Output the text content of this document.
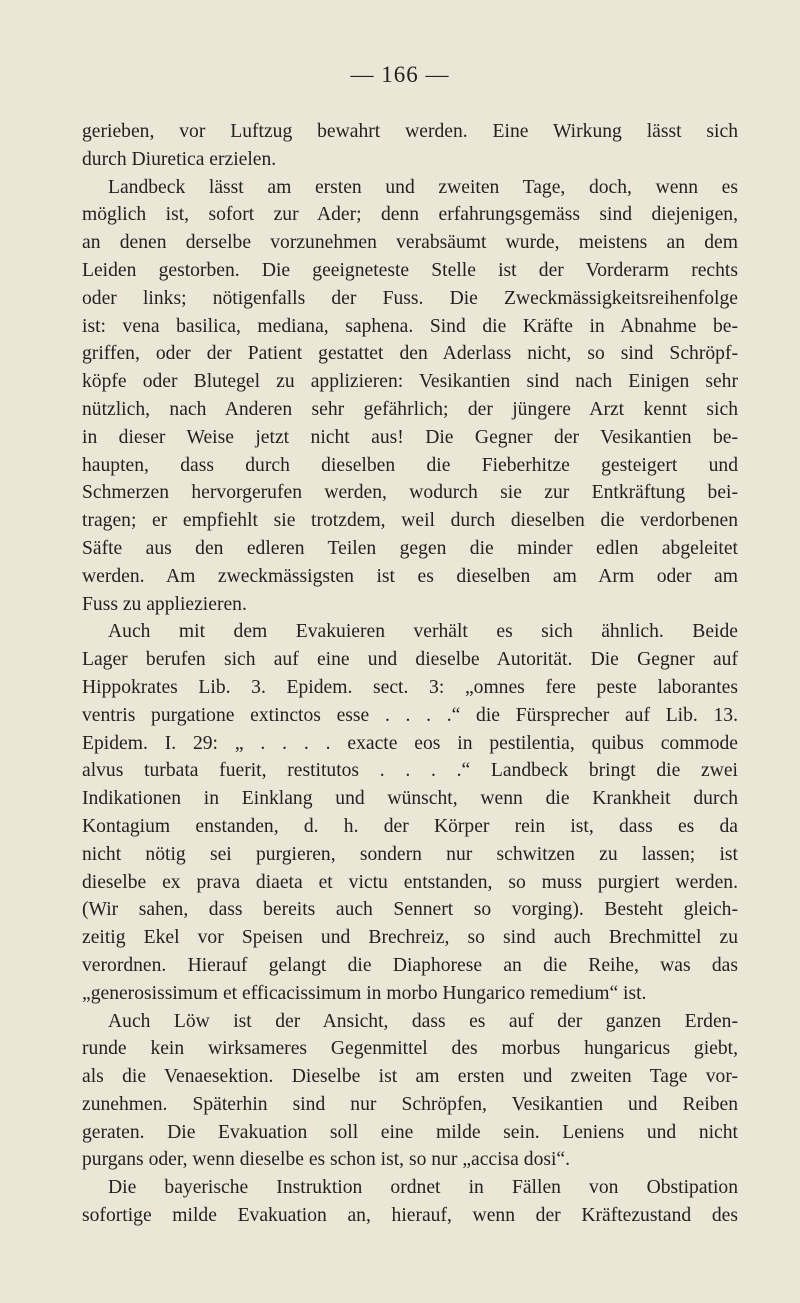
— 166 —
gerieben, vor Luftzug bewahrt werden. Eine Wirkung lässt sich
durch Diuretica erzielen.
Landbeck lässt am ersten und zweiten Tage, doch, wenn es
möglich ist, sofort zur Ader; denn erfahrungsgemäss sind diejenigen,
an denen derselbe vorzunehmen verabsäumt wurde, meistens an dem
Leiden gestorben. Die geeigneteste Stelle ist der Vorderarm rechts
oder links; nötigenfalls der Fuss. Die Zweckmässigkeitsreihenfolge
ist: vena basilica, mediana, saphena. Sind die Kräfte in Abnahme be-
griffen, oder der Patient gestattet den Aderlass nicht, so sind Schröpf-
köpfe oder Blutegel zu applizieren: Vesikantien sind nach Einigen sehr
nützlich, nach Anderen sehr gefährlich; der jüngere Arzt kennt sich
in dieser Weise jetzt nicht aus! Die Gegner der Vesikantien be-
haupten, dass durch dieselben die Fieberhitze gesteigert und
Schmerzen hervorgerufen werden, wodurch sie zur Entkräftung bei-
tragen; er empfiehlt sie trotzdem, weil durch dieselben die verdorbenen
Säfte aus den edleren Teilen gegen die minder edlen abgeleitet
werden. Am zweckmässigsten ist es dieselben am Arm oder am
Fuss zu appliezieren.
Auch mit dem Evakuieren verhält es sich ähnlich. Beide
Lager berufen sich auf eine und dieselbe Autorität. Die Gegner auf
Hippokrates Lib. 3. Epidem. sect. 3: „omnes fere peste laborantes
ventris purgatione extinctos esse . . . .“ die Fürsprecher auf Lib. 13.
Epidem. I. 29: „ . . . . exacte eos in pestilentia, quibus commode
alvus turbata fuerit, restitutos . . . .“ Landbeck bringt die zwei
Indikationen in Einklang und wünscht, wenn die Krankheit durch
Kontagium enstanden, d. h. der Körper rein ist, dass es da
nicht nötig sei purgieren, sondern nur schwitzen zu lassen; ist
dieselbe ex prava diaeta et victu entstanden, so muss purgiert werden.
(Wir sahen, dass bereits auch Sennert so vorging). Besteht gleich-
zeitig Ekel vor Speisen und Brechreiz, so sind auch Brechmittel zu
verordnen. Hierauf gelangt die Diaphorese an die Reihe, was das
„generosissimum et efficacissimum in morbo Hungarico remedium“ ist.
Auch Löw ist der Ansicht, dass es auf der ganzen Erden-
runde kein wirksameres Gegenmittel des morbus hungaricus giebt,
als die Venaesektion. Dieselbe ist am ersten und zweiten Tage vor-
zunehmen. Späterhin sind nur Schröpfen, Vesikantien und Reiben
geraten. Die Evakuation soll eine milde sein. Leniens und nicht
purgans oder, wenn dieselbe es schon ist, so nur „accisa dosi“.
Die bayerische Instruktion ordnet in Fällen von Obstipation
sofortige milde Evakuation an, hierauf, wenn der Kräftezustand des
